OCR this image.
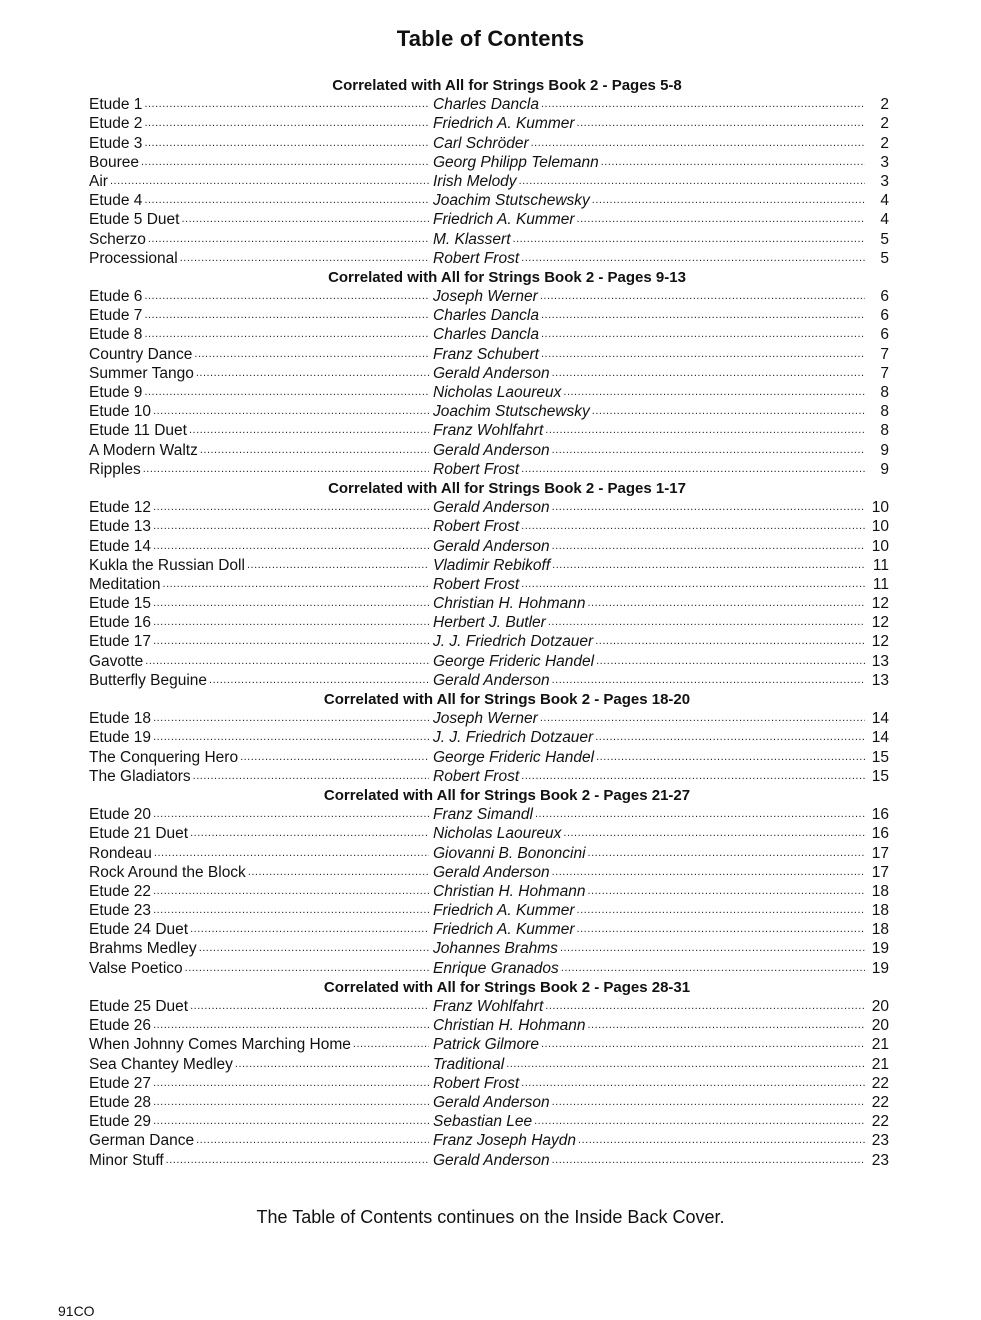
Table of Contents
Correlated with All for Strings Book 2 - Pages 5-8
Etude 1 .....	Charles Dancla .....	2
Etude 2 .....	Friedrich A. Kummer .....	2
Etude 3 .....	Carl Schröder .....	2
Bouree .....	Georg Philipp Telemann .....	3
Air .....	Irish Melody .....	3
Etude 4 .....	Joachim Stutschewsky .....	4
Etude 5 Duet .....	Friedrich A. Kummer .....	4
Scherzo .....	M. Klassert .....	5
Processional .....	Robert Frost .....	5
Correlated with All for Strings Book 2 - Pages 9-13
Etude 6 .....	Joseph Werner .....	6
Etude 7 .....	Charles Dancla .....	6
Etude 8 .....	Charles Dancla .....	6
Country Dance .....	Franz Schubert .....	7
Summer Tango .....	Gerald Anderson .....	7
Etude 9 .....	Nicholas Laoureux .....	8
Etude 10 .....	Joachim Stutschewsky .....	8
Etude 11 Duet .....	Franz Wohlfahrt .....	8
A Modern Waltz .....	Gerald Anderson .....	9
Ripples .....	Robert Frost .....	9
Correlated with All for Strings Book 2 - Pages 1-17
Etude 12 .....	Gerald Anderson .....	10
Etude 13 .....	Robert Frost .....	10
Etude 14 .....	Gerald Anderson .....	10
Kukla the Russian Doll .....	Vladimir Rebikoff .....	11
Meditation .....	Robert Frost .....	11
Etude 15 .....	Christian H. Hohmann .....	12
Etude 16 .....	Herbert J. Butler .....	12
Etude 17 .....	J. J. Friedrich Dotzauer .....	12
Gavotte .....	George Frideric Handel .....	13
Butterfly Beguine .....	Gerald Anderson .....	13
Correlated with All for Strings Book 2 - Pages 18-20
Etude 18 .....	Joseph Werner .....	14
Etude 19 .....	J. J. Friedrich Dotzauer .....	14
The Conquering Hero .....	George Frideric Handel .....	15
The Gladiators .....	Robert Frost .....	15
Correlated with All for Strings Book 2 - Pages 21-27
Etude 20 .....	Franz Simandl .....	16
Etude 21 Duet .....	Nicholas Laoureux .....	16
Rondeau .....	Giovanni B. Bononcini .....	17
Rock Around the Block .....	Gerald Anderson .....	17
Etude 22 .....	Christian H. Hohmann .....	18
Etude 23 .....	Friedrich A. Kummer .....	18
Etude 24 Duet .....	Friedrich A. Kummer .....	18
Brahms Medley .....	Johannes Brahms .....	19
Valse Poetico .....	Enrique Granados .....	19
Correlated with All for Strings Book 2 - Pages 28-31
Etude 25 Duet .....	Franz Wohlfahrt .....	20
Etude 26 .....	Christian H. Hohmann .....	20
When Johnny Comes Marching Home .....	Patrick Gilmore .....	21
Sea Chantey Medley .....	Traditional .....	21
Etude 27 .....	Robert Frost .....	22
Etude 28 .....	Gerald Anderson .....	22
Etude 29 .....	Sebastian Lee .....	22
German Dance .....	Franz Joseph Haydn .....	23
Minor Stuff .....	Gerald Anderson .....	23
The Table of Contents continues on the Inside Back Cover.
91CO
